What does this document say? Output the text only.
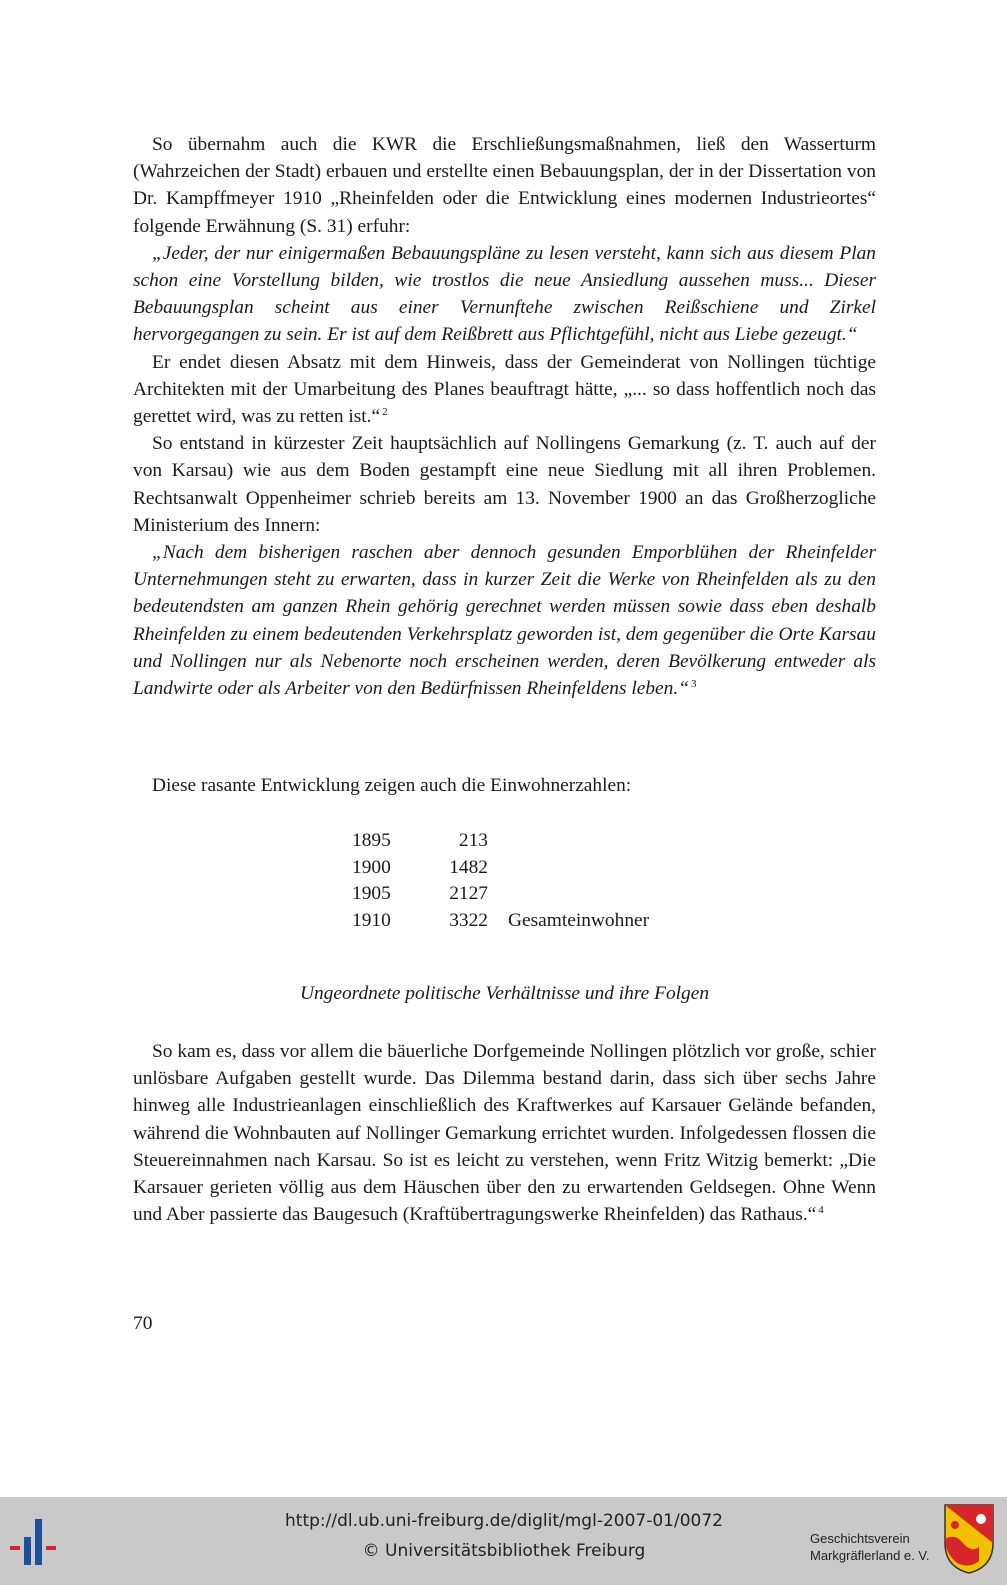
So übernahm auch die KWR die Erschließungsmaßnahmen, ließ den Wasserturm (Wahrzeichen der Stadt) erbauen und erstellte einen Bebauungsplan, der in der Dissertation von Dr. Kampffmeyer 1910 „Rheinfelden oder die Entwicklung eines modernen Industrieortes“ folgende Erwähnung (S. 31) erfuhr:

„Jeder, der nur einigermaßen Bebauungspläne zu lesen versteht, kann sich aus diesem Plan schon eine Vorstellung bilden, wie trostlos die neue Ansiedlung aussehen muss... Dieser Bebauungsplan scheint aus einer Vernunftehe zwischen Reißschiene und Zirkel hervorgegangen zu sein. Er ist auf dem Reißbrett aus Pflichtgefühl, nicht aus Liebe gezeugt.“

Er endet diesen Absatz mit dem Hinweis, dass der Gemeinderat von Nollingen tüchtige Architekten mit der Umarbeitung des Planes beauftragt hätte, „... so dass hoffentlich noch das gerettet wird, was zu retten ist.“ $^2$

So entstand in kürzester Zeit hauptsächlich auf Nollingens Gemarkung (z. T. auch auf der von Karsau) wie aus dem Boden gestampft eine neue Siedlung mit all ihren Problemen. Rechtsanwalt Oppenheimer schrieb bereits am 13. November 1900 an das Großherzogliche Ministerium des Innern:

„Nach dem bisherigen raschen aber dennoch gesunden Emporblühen der Rheinfelder Unternehmungen steht zu erwarten, dass in kurzer Zeit die Werke von Rheinfelden als zu den bedeutendsten am ganzen Rhein gehörig gerechnet werden müssen sowie dass eben deshalb Rheinfelden zu einem bedeutenden Verkehrsplatz geworden ist, dem gegenüber die Orte Karsau und Nollingen nur als Nebenorte noch erscheinen werden, deren Bevölkerung entweder als Landwirte oder als Arbeiter von den Bedürfnissen Rheinfeldens leben.“ $^3$

Diese rasante Entwicklung zeigen auch die Einwohnerzahlen:

1895	213	
1900	1482	
1905	2127	
1910	3322	Gesamteinwohner

Ungeordnete politische Verhältnisse und ihre Folgen

So kam es, dass vor allem die bäuerliche Dorfgemeinde Nollingen plötzlich vor große, schier unlösbare Aufgaben gestellt wurde. Das Dilemma bestand darin, dass sich über sechs Jahre hinweg alle Industrieanlagen einschließlich des Kraftwerkes auf Karsauer Gelände befanden, während die Wohnbauten auf Nollinger Gemarkung errichtet wurden. Infolgedessen flossen die Steuereinnahmen nach Karsau. So ist es leicht zu verstehen, wenn Fritz Witzig bemerkt: „Die Karsauer gerieten völlig aus dem Häuschen über den zu erwartenden Geldsegen. Ohne Wenn und Aber passierte das Baugesuch (Kraftübertragungswerke Rheinfelden) das Rathaus.“ $^4$

70

http://dl.ub.uni-freiburg.de/diglit/mgl-2007-01/0072
© Universitätsbibliothek Freiburg
Geschichtsverein
Markgräflerland e. V.
